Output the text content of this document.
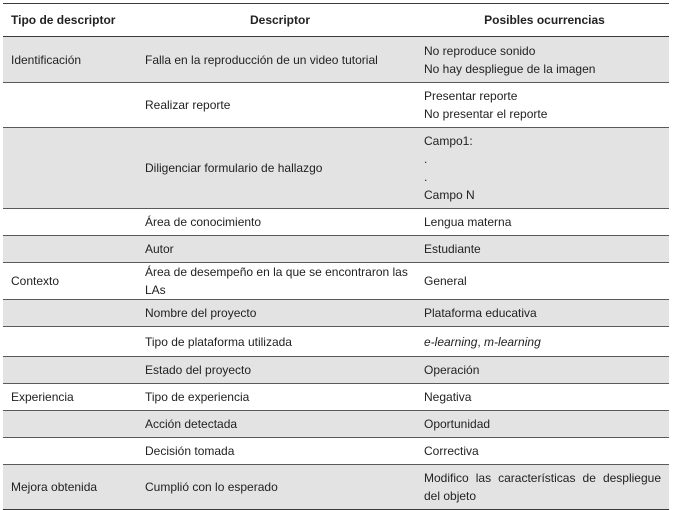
Tipo de descriptor	Descriptor	Posibles ocurrencias
Identificación	Falla en la reproducción de un video tutorial	No reproduce sonido
No hay despliegue de la imagen

	Realizar reporte	Presentar reporte
No presentar el reporte

	Diligenciar formulario de hallazgo	Campo1:
.
.
Campo N

	Área de conocimiento	Lengua materna
	Autor	Estudiante
Contexto	Área de desempeño en la que se encontraron las LAs	General
	Nombre del proyecto	Plataforma educativa
	Tipo de plataforma utilizada	e-learning, m-learning
	Estado del proyecto	Operación
Experiencia	Tipo de experiencia	Negativa
	Acción detectada	Oportunidad
	Decisión tomada	Correctiva
Mejora obtenida	Cumplió con lo esperado	Modifico las características de despliegue del objeto
